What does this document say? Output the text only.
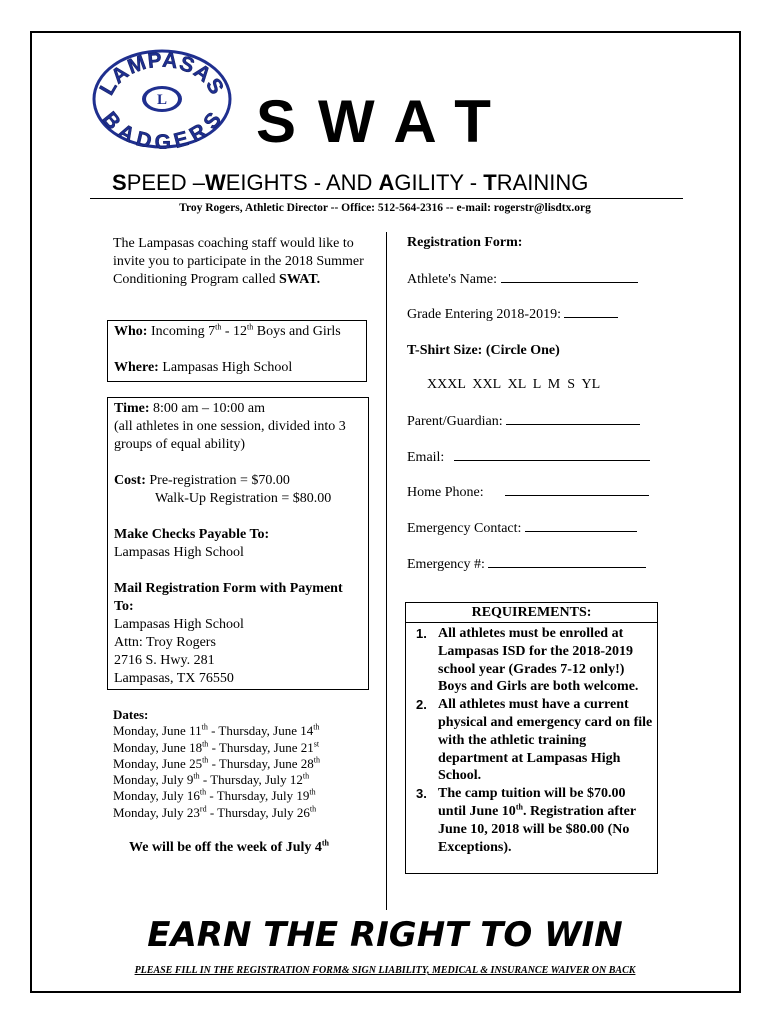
L
LAMPASAS
BADGERS SWAT
SPEED –WEIGHTS - AND AGILITY - TRAINING
Troy Rogers, Athletic Director -- Office: 512-564-2316 -- e-mail: rogerstr@lisdtx.org
The Lampasas coaching staff would like to invite you to participate in the 2018 Summer Conditioning Program called SWAT.
Who: Incoming 7th - 12th Boys and Girls
Where: Lampasas High School
Time: 8:00 am – 10:00 am
(all athletes in one session, divided into 3 groups of equal ability)
Cost: Pre-registration = $70.00
Walk-Up Registration = $80.00
Make Checks Payable To:
Lampasas High School
Mail Registration Form with Payment To:
Lampasas High School
Attn: Troy Rogers
2716 S. Hwy. 281
Lampasas, TX 76550
Dates:
Monday, June 11th - Thursday, June 14th
Monday, June 18th - Thursday, June 21st
Monday, June 25th - Thursday, June 28th
Monday, July 9th - Thursday, July 12th
Monday, July 16th - Thursday, July 19th
Monday, July 23rd - Thursday, July 26th
We will be off the week of July 4th
Registration Form:
Athlete's Name:
Grade Entering 2018-2019:
T-Shirt Size: (Circle One)
XXXL  XXL  XL  L  M  S  YL
Parent/Guardian:
Email:
Home Phone:
Emergency Contact:
Emergency #:
REQUIREMENTS:
1. All athletes must be enrolled at Lampasas ISD for the 2018-2019 school year (Grades 7-12 only!) Boys and Girls are both welcome.
2. All athletes must have a current physical and emergency card on file with the athletic training department at Lampasas High School.
3. The camp tuition will be $70.00 until June 10th. Registration after June 10, 2018 will be $80.00 (No Exceptions).
EARN THE RIGHT TO WIN
PLEASE FILL IN THE REGISTRATION FORM& SIGN LIABILITY, MEDICAL & INSURANCE WAIVER ON BACK
